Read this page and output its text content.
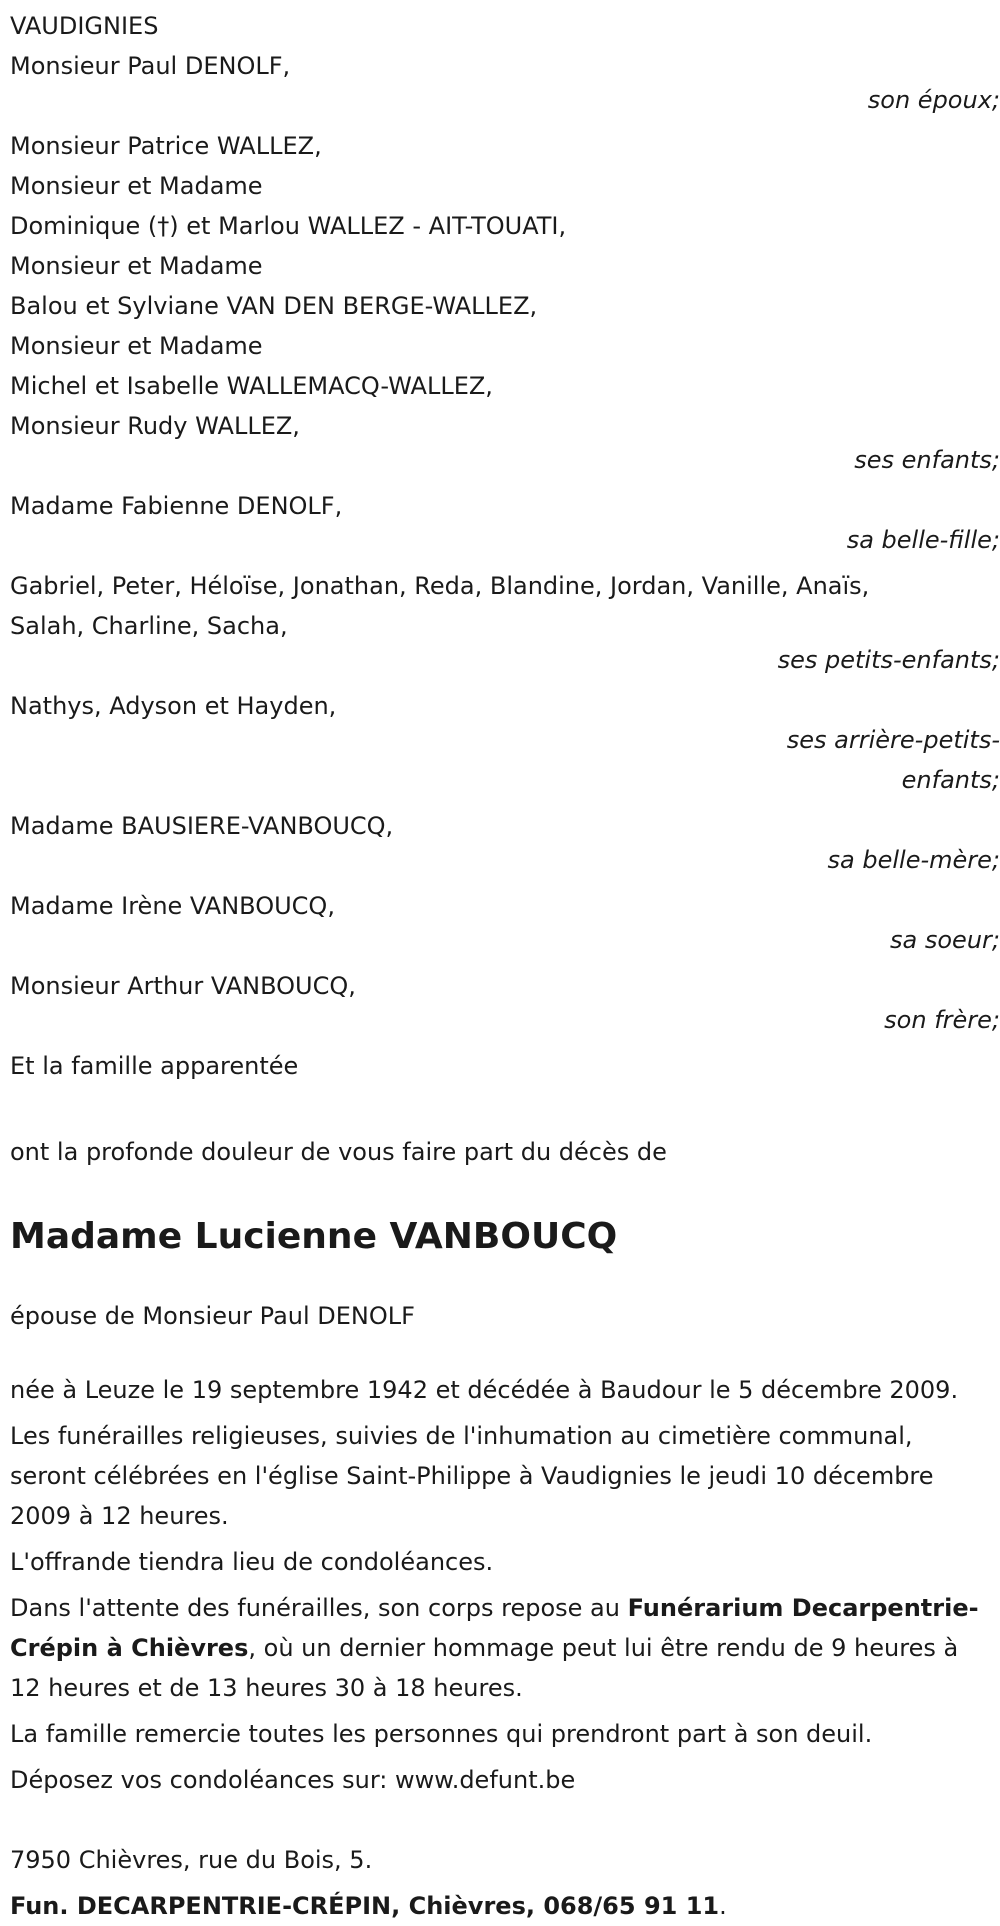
VAUDIGNIES
Monsieur Paul DENOLF,
son époux;
Monsieur Patrice WALLEZ,
Monsieur et Madame
Dominique (†) et Marlou WALLEZ - AIT-TOUATI,
Monsieur et Madame
Balou et Sylviane VAN DEN BERGE-WALLEZ,
Monsieur et Madame
Michel et Isabelle WALLEMACQ-WALLEZ,
Monsieur Rudy WALLEZ,
ses enfants;
Madame Fabienne DENOLF,
sa belle-fille;
Gabriel, Peter, Héloïse, Jonathan, Reda, Blandine, Jordan, Vanille, Anaïs,
Salah, Charline, Sacha,
ses petits-enfants;
Nathys, Adyson et Hayden,
ses arrière-petits-
enfants;
Madame BAUSIERE-VANBOUCQ,
sa belle-mère;
Madame Irène VANBOUCQ,
sa soeur;
Monsieur Arthur VANBOUCQ,
son frère;
Et la famille apparentée

ont la profonde douleur de vous faire part du décès de

Madame Lucienne VANBOUCQ

épouse de Monsieur Paul DENOLF

née à Leuze le 19 septembre 1942 et décédée à Baudour le 5 décembre 2009.

Les funérailles religieuses, suivies de l'inhumation au cimetière communal, seront célébrées en l'église Saint-Philippe à Vaudignies le jeudi 10 décembre 2009 à 12 heures.

L'offrande tiendra lieu de condoléances.

Dans l'attente des funérailles, son corps repose au Funérarium Decarpentrie-Crépin à Chièvres, où un dernier hommage peut lui être rendu de 9 heures à 12 heures et de 13 heures 30 à 18 heures.

La famille remercie toutes les personnes qui prendront part à son deuil.

Déposez vos condoléances sur: www.defunt.be

7950 Chièvres, rue du Bois, 5.

Fun. DECARPENTRIE-CRÉPIN, Chièvres, 068/65 91 11.
